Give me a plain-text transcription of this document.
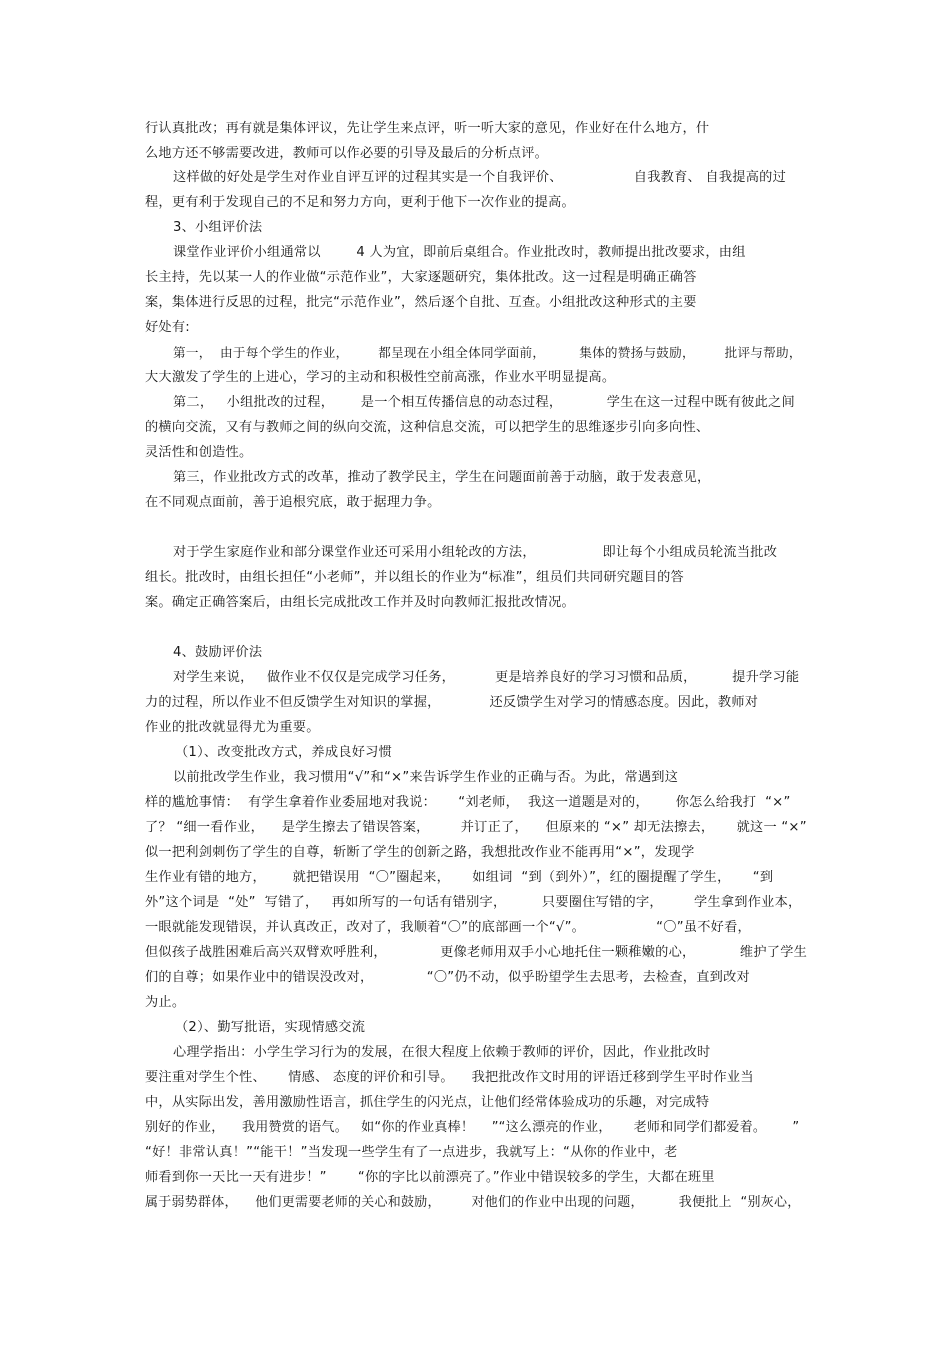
行认真批改；再有就是集体评议，先让学生来点评，听一听大家的意见，作业好在什么地方，什
么地方还不够需要改进，教师可以作必要的引导及最后的分析点评。
这样做的好处是学生对作业自评互评的过程其实是一个自我评价、                自我教育、 自我提高的过
程，更有利于发现自己的不足和努力方向，更利于他下一次作业的提高。
3、小组评价法
课堂作业评价小组通常以        4 人为宜，即前后桌组合。作业批改时，教师提出批改要求，由组
长主持，先以某一人的作业做“示范作业”，大家逐题研究，集体批改。这一过程是明确正确答
案，集体进行反思的过程，批完“示范作业”，然后逐个自批、互查。小组批改这种形式的主要
好处有:
第一，  由于每个学生的作业，       都呈现在小组全体同学面前，        集体的赞扬与鼓励，       批评与帮助，
大大激发了学生的上进心，学习的主动和积极性空前高涨，作业水平明显提高。
第二，   小组批改的过程，      是一个相互传播信息的动态过程，          学生在这一过程中既有彼此之间
的横向交流，又有与教师之间的纵向交流，这种信息交流，可以把学生的思维逐步引向多向性、
灵活性和创造性。
第三，作业批改方式的改革，推动了教学民主，学生在问题面前善于动脑，敢于发表意见，
在不同观点面前，善于追根究底，敢于据理力争。
对于学生家庭作业和部分课堂作业还可采用小组轮改的方法，               即让每个小组成员轮流当批改
组长。批改时，由组长担任“小老师”，并以组长的作业为“标准”，组员们共同研究题目的答
案。确定正确答案后，由组长完成批改工作并及时向教师汇报批改情况。
4、鼓励评价法
对学生来说，   做作业不仅仅是完成学习任务，         更是培养良好的学习习惯和品质，        提升学习能
力的过程，所以作业不但反馈学生对知识的掌握，           还反馈学生对学习的情感态度。因此，教师对
作业的批改就显得尤为重要。
（1）、改变批改方式，养成良好习惯
以前批改学生作业，我习惯用“√”和“×”来告诉学生作业的正确与否。为此，常遇到这
样的尴尬事情：  有学生拿着作业委屈地对我说：     “刘老师，  我这一道题是对的，      你怎么给我打  “×”
了？ “细一看作业，    是学生擦去了错误答案，       并订正了，    但原来的 “×” 却无法擦去，     就这一 “×”
似一把利剑刺伤了学生的自尊，斩断了学生的创新之路，我想批改作业不能再用“×”，发现学
生作业有错的地方，      就把错误用  “〇”圈起来，     如组词  “到（到外）”，红的圈提醒了学生，     “到
外”这个词是  “处”  写错了，   再如所写的一句话有错别字，        只要圈住写错的字，       学生拿到作业本，
一眼就能发现错误，并认真改正，改对了，我顺着“〇”的底部画一个“√”。                “〇”虽不好看，
但似孩子战胜困难后高兴双臂欢呼胜利，            更像老师用双手小心地托住一颗稚嫩的心，          维护了学生
们的自尊；如果作业中的错误没改对，            “〇”仍不动，似乎盼望学生去思考，去检查，直到改对
为止。
（2）、勤写批语，实现情感交流
心理学指出：小学生学习行为的发展，在很大程度上依赖于教师的评价，因此，作业批改时
要注重对学生个性、     情感、 态度的评价和引导。    我把批改作文时用的评语迁移到学生平时作业当
中，从实际出发，善用激励性语言，抓住学生的闪光点，让他们经常体验成功的乐趣，对完成特
别好的作业，    我用赞赏的语气。   如“你的作业真棒！    ”“这么漂亮的作业，     老师和同学们都爱着。      ”
“好！非常认真！”“能干！”当发现一些学生有了一点进步，我就写上：“从你的作业中，老
师看到你一天比一天有进步！”       “你的字比以前漂亮了。”作业中错误较多的学生，大都在班里
属于弱势群体，    他们更需要老师的关心和鼓励，       对他们的作业中出现的问题，        我便批上  “别灰心，
